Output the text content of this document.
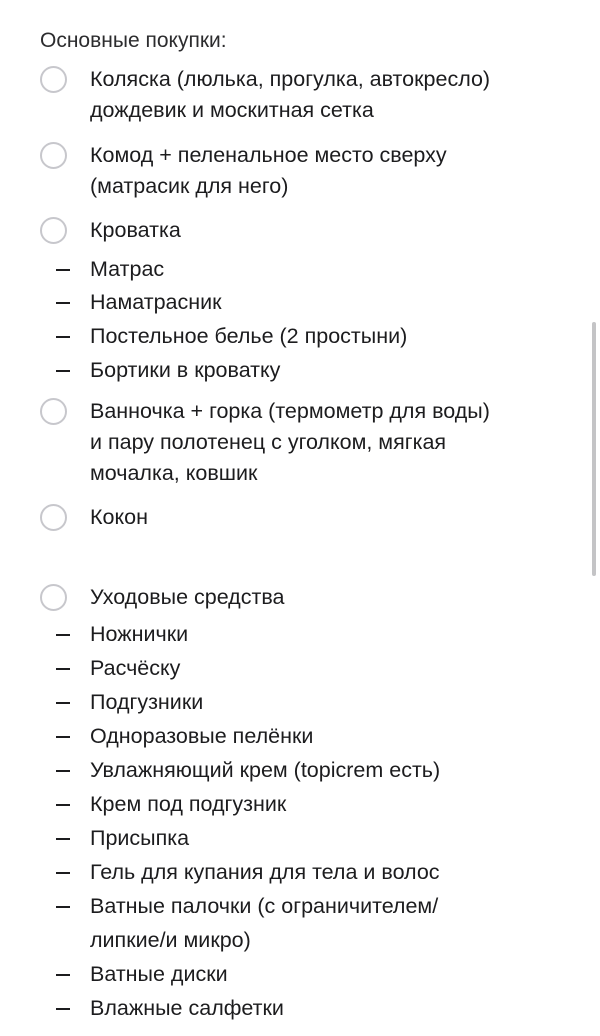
Основные покупки:
Коляска (люлька, прогулка, автокресло)
дождевик и москитная сетка
Комод + пеленальное место сверху
(матрасик для него)
Кроватка
Матрас
Наматрасник
Постельное белье (2 простыни)
Бортики в кроватку
Ванночка + горка (термометр для воды)
и пару полотенец с уголком, мягкая
мочалка, ковшик
Кокон
Уходовые средства
Ножнички
Расчёску
Подгузники
Одноразовые пелёнки
Увлажняющий крем (topicrem есть)
Крем под подгузник
Присыпка
Гель для купания для тела и волос
Ватные палочки (с ограничителем/
липкие/и микро)
Ватные диски
Влажные салфетки
